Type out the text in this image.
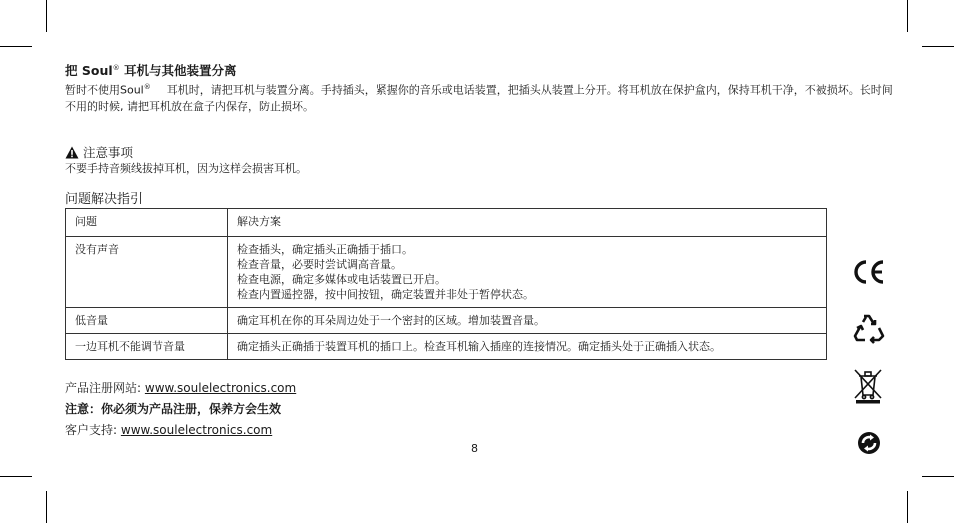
把 Soul® 耳机与其他装置分离

暂时不使用Soul® 耳机时，请把耳机与装置分离。手持插头，紧握你的音乐或电话装置，把插头从装置上分开。将耳机放在保护盒内，保持耳机干净，不被损坏。长时间不用的时候, 请把耳机放在盒子内保存，防止损坏。

注意事项

不要手持音频线拔掉耳机，因为这样会损害耳机。

问题解决指引
问题	解决方案
没有声音	检查插头，确定插头正确插于插口。
检查音量，必要时尝试调高音量。
检查电源，确定多媒体或电话装置已开启。
检查内置遥控器，按中间按钮，确定装置并非处于暂停状态。

低音量	确定耳机在你的耳朵周边处于一个密封的区域。增加装置音量。

一边耳机不能调节音量	确定插头正确插于装置耳机的插口上。检查耳机输入插座的连接情况。确定插头处于正确插入状态。

产品注册网站: www.soulelectronics.com

注意：你必须为产品注册，保养方会生效

客户支持: www.soulelectronics.com

8
